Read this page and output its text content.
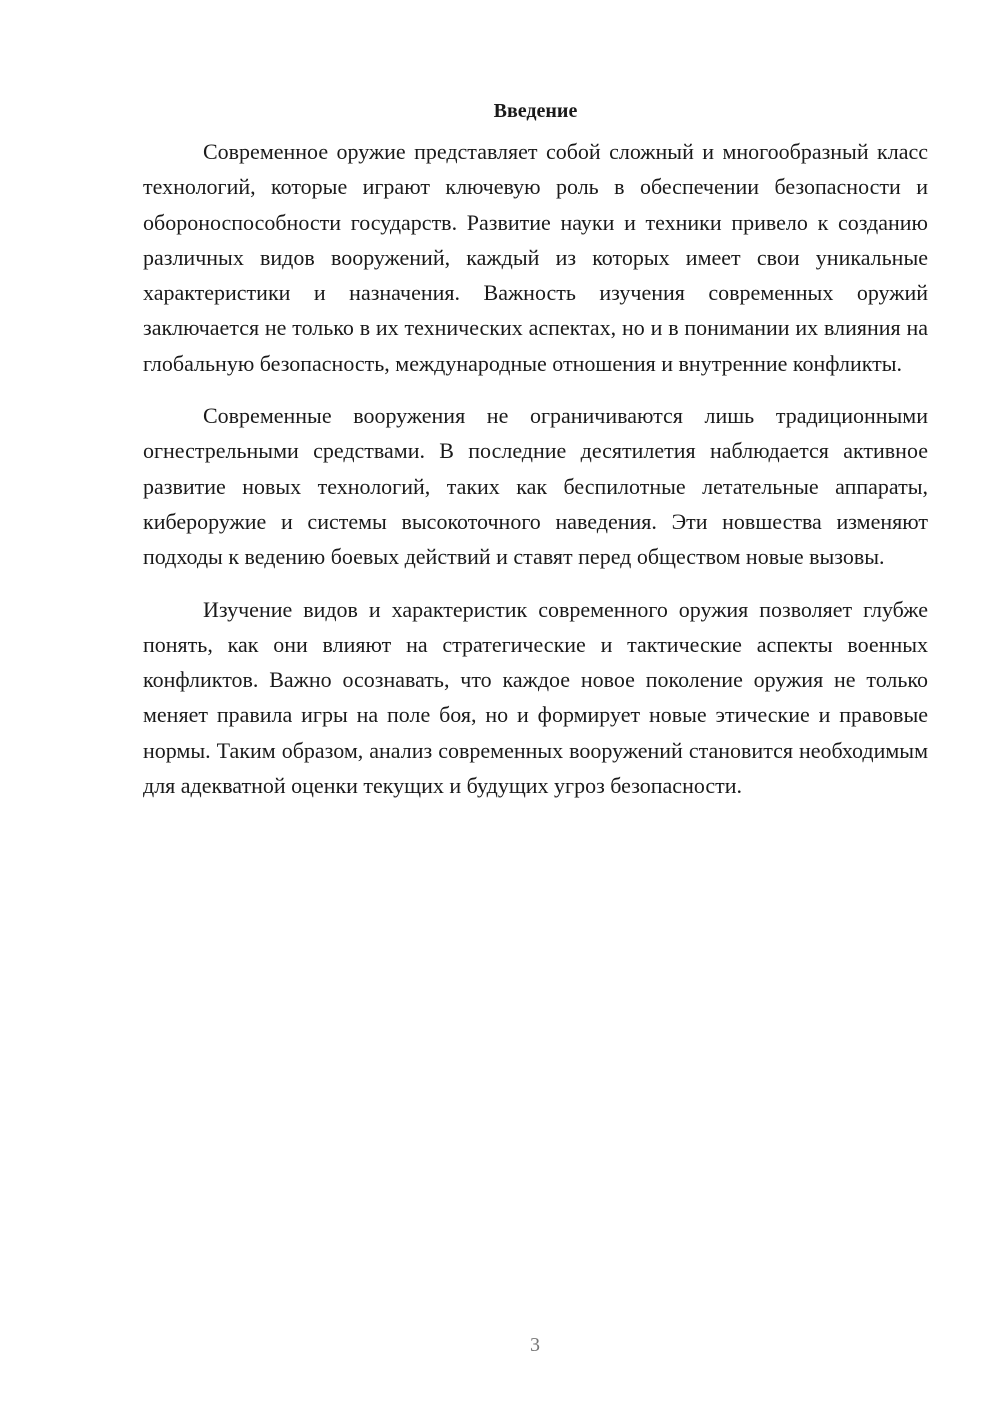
Введение

Современное оружие представляет собой сложный и многообразный класс технологий, которые играют ключевую роль в обеспечении безопасности и обороноспособности государств. Развитие науки и техники привело к созданию различных видов вооружений, каждый из которых имеет свои уникальные характеристики и назначения. Важность изучения современных оружий заключается не только в их технических аспектах, но и в понимании их влияния на глобальную безопасность, международные отношения и внутренние конфликты.

Современные вооружения не ограничиваются лишь традиционными огнестрельными средствами. В последние десятилетия наблюдается активное развитие новых технологий, таких как беспилотные летательные аппараты, кибероружие и системы высокоточного наведения. Эти новшества изменяют подходы к ведению боевых действий и ставят перед обществом новые вызовы.

Изучение видов и характеристик современного оружия позволяет глубже понять, как они влияют на стратегические и тактические аспекты военных конфликтов. Важно осознавать, что каждое новое поколение оружия не только меняет правила игры на поле боя, но и формирует новые этические и правовые нормы. Таким образом, анализ современных вооружений становится необходимым для адекватной оценки текущих и будущих угроз безопасности.

3
